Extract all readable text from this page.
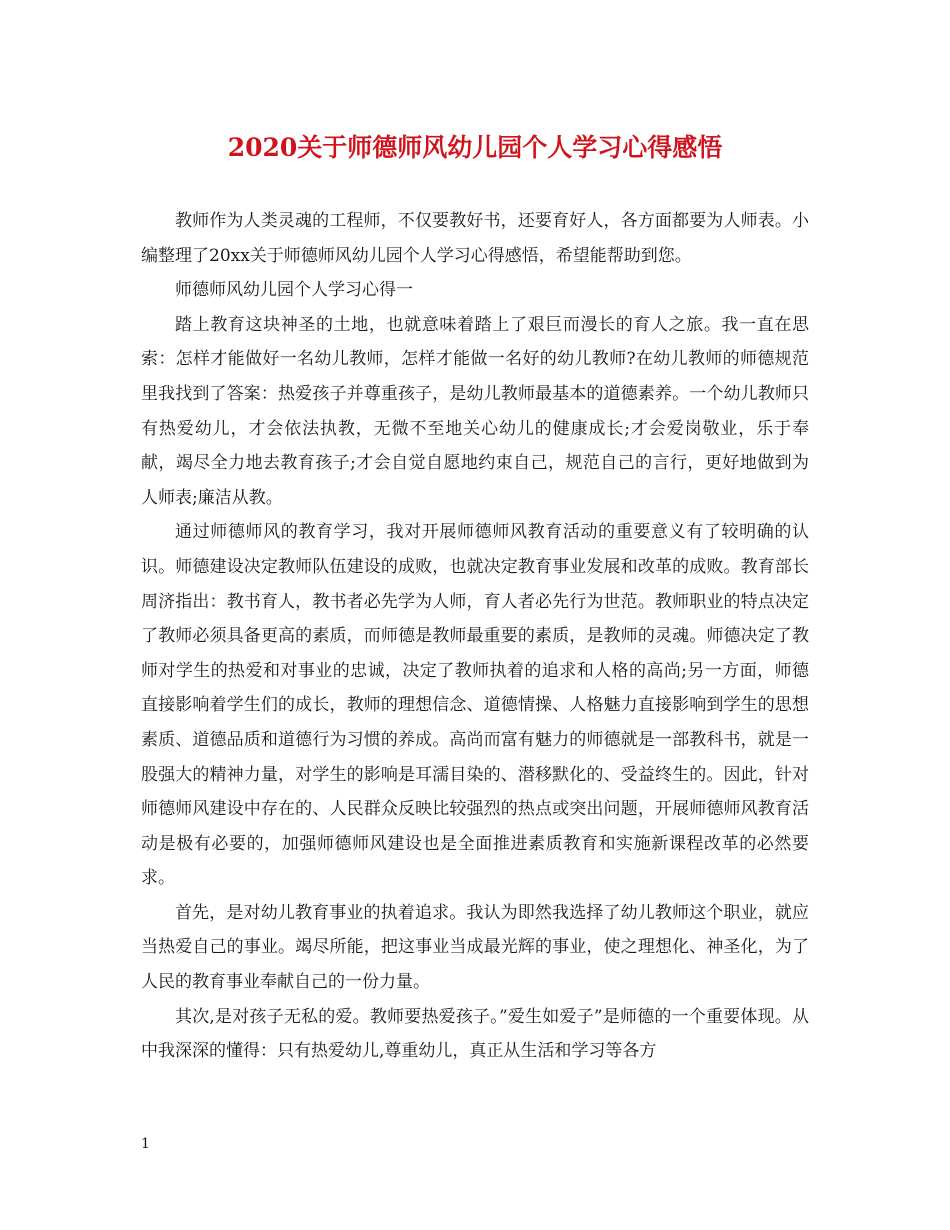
2020关于师德师风幼儿园个人学习心得感悟

教师作为人类灵魂的工程师，不仅要教好书，还要育好人，各方面都要为人师表。小编整理了20xx关于师德师风幼儿园个人学习心得感悟，希望能帮助到您。

师德师风幼儿园个人学习心得一

踏上教育这块神圣的土地，也就意味着踏上了艰巨而漫长的育人之旅。我一直在思索：怎样才能做好一名幼儿教师，怎样才能做一名好的幼儿教师?在幼儿教师的师德规范里我找到了答案：热爱孩子并尊重孩子，是幼儿教师最基本的道德素养。一个幼儿教师只有热爱幼儿，才会依法执教，无微不至地关心幼儿的健康成长;才会爱岗敬业，乐于奉献，竭尽全力地去教育孩子;才会自觉自愿地约束自己，规范自己的言行，更好地做到为人师表;廉洁从教。

通过师德师风的教育学习，我对开展师德师风教育活动的重要意义有了较明确的认识。师德建设决定教师队伍建设的成败，也就决定教育事业发展和改革的成败。教育部长周济指出：教书育人，教书者必先学为人师，育人者必先行为世范。教师职业的特点决定了教师必须具备更高的素质，而师德是教师最重要的素质，是教师的灵魂。师德决定了教师对学生的热爱和对事业的忠诚，决定了教师执着的追求和人格的高尚;另一方面，师德直接影响着学生们的成长，教师的理想信念、道德情操、人格魅力直接影响到学生的思想素质、道德品质和道德行为习惯的养成。高尚而富有魅力的师德就是一部教科书，就是一股强大的精神力量，对学生的影响是耳濡目染的、潜移默化的、受益终生的。因此，针对师德师风建设中存在的、人民群众反映比较强烈的热点或突出问题，开展师德师风教育活动是极有必要的，加强师德师风建设也是全面推进素质教育和实施新课程改革的必然要求。

首先，是对幼儿教育事业的执着追求。我认为即然我选择了幼儿教师这个职业，就应当热爱自己的事业。竭尽所能，把这事业当成最光辉的事业，使之理想化、神圣化，为了人民的教育事业奉献自己的一份力量。

其次,是对孩子无私的爱。教师要热爱孩子。”爱生如爱子”是师德的一个重要体现。从中我深深的懂得：只有热爱幼儿,尊重幼儿，真正从生活和学习等各方

1
